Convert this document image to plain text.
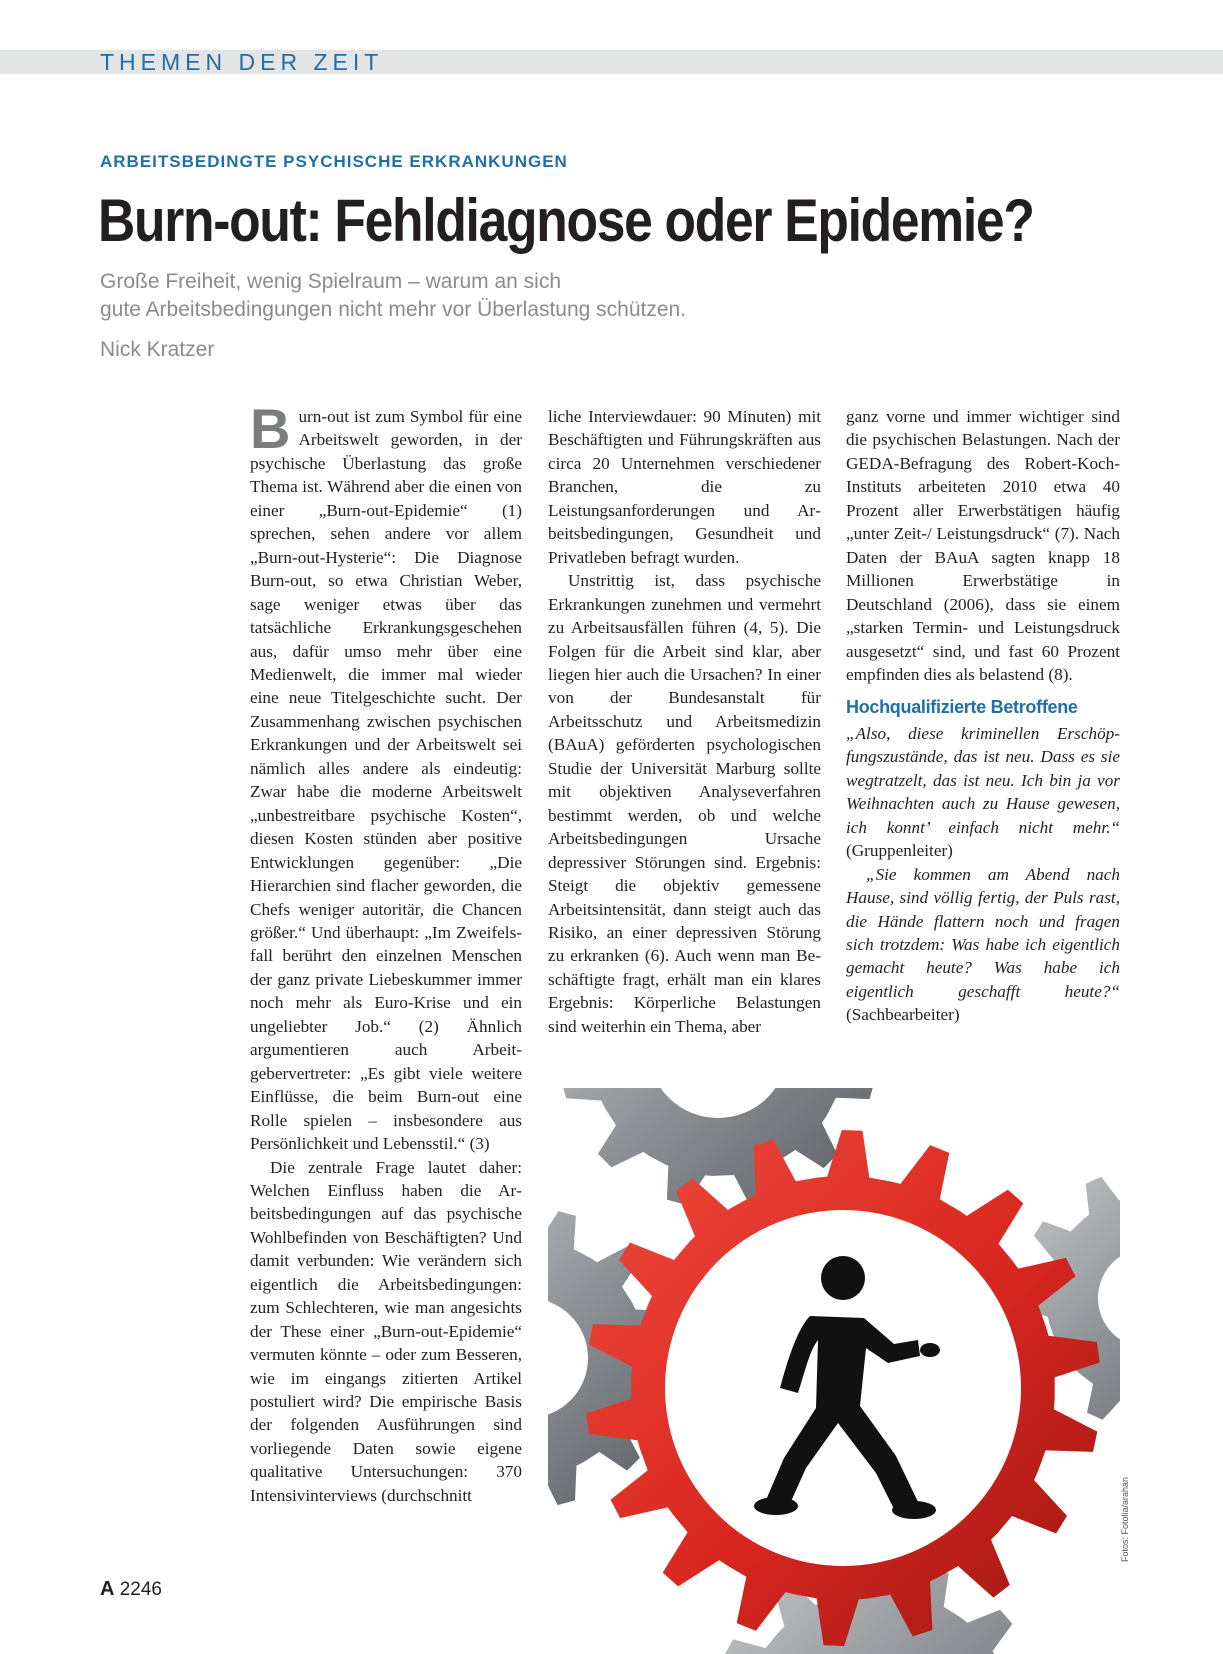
THEMEN DER ZEIT
ARBEITSBEDINGTE PSYCHISCHE ERKRANKUNGEN
Burn-out: Fehldiagnose oder Epidemie?
Große Freiheit, wenig Spielraum – warum an sich
gute Arbeitsbedingungen nicht mehr vor Überlastung schützen.
Nick Kratzer

Burn-out ist zum Symbol für eine Arbeitswelt geworden, in der psychische Überlastung das große Thema ist. Während aber die einen von einer „Burn-out-Epidemie“ (1) sprechen, sehen andere vor allem „Burn-out-Hysterie“: Die Diagnose Burn-out, so etwa Christian Weber, sage weniger etwas über das tatsächliche Erkrankungsgeschehen aus, dafür umso mehr über eine Medienwelt, die immer mal wieder eine neue Titelgeschichte sucht. Der Zusammenhang zwischen psychischen Erkrankungen und der Arbeitswelt sei nämlich alles andere als eindeutig: Zwar habe die moderne Arbeitswelt „unbestreitbare psychische Kosten“, diesen Kosten stünden aber positive Entwicklungen gegenüber: „Die Hierarchien sind flacher geworden, die Chefs weniger autoritär, die Chancen größer.“ Und überhaupt: „Im Zweifelsfall berührt den einzelnen Menschen der ganz private Liebeskummer immer noch mehr als Euro-Krise und ein ungeliebter Job.“ (2) Ähnlich argumentieren auch Arbeitgebervertreter: „Es gibt viele weitere Einflüsse, die beim Burn-out eine Rolle spielen – insbesondere aus Persönlichkeit und Lebensstil.“ (3)

Die zentrale Frage lautet daher: Welchen Einfluss haben die Arbeitsbedingungen auf das psychische Wohlbefinden von Beschäftigten? Und damit verbunden: Wie verändern sich eigentlich die Arbeitsbedingungen: zum Schlechteren, wie man angesichts der These einer „Burn-out-Epidemie“ vermuten könnte – oder zum Besseren, wie im eingangs zitierten Artikel postuliert wird? Die empirische Basis der folgenden Ausführungen sind vorliegende Daten sowie eigene qualitative Untersuchungen: 370 Intensivinterviews (durchschnitt

liche Interviewdauer: 90 Minuten) mit Beschäftigten und Führungskräften aus circa 20 Unternehmen verschiedener Branchen, die zu Leistungsanforderungen und Arbeitsbedingungen, Gesundheit und Privatleben befragt wurden.

Unstrittig ist, dass psychische Erkrankungen zunehmen und vermehrt zu Arbeitsausfällen führen (4, 5). Die Folgen für die Arbeit sind klar, aber liegen hier auch die Ursachen? In einer von der Bundesanstalt für Arbeitsschutz und Arbeitsmedizin (BAuA) geförderten psychologischen Studie der Universität Marburg sollte mit objektiven Analyseverfahren bestimmt werden, ob und welche Arbeitsbedingungen Ursache depressiver Störungen sind. Ergebnis: Steigt die objektiv gemessene Arbeitsintensität, dann steigt auch das Risiko, an einer depressiven Störung zu erkranken (6). Auch wenn man Beschäftigte fragt, erhält man ein klares Ergebnis: Körperliche Belastungen sind weiterhin ein Thema, aber

ganz vorne und immer wichtiger sind die psychischen Belastungen. Nach der GEDA-Befragung des Robert-Koch-Instituts arbeiteten 2010 etwa 40 Prozent aller Erwerbstätigen häufig „unter Zeit-/ Leistungsdruck“ (7). Nach Daten der BAuA sagten knapp 18 Millionen Erwerbstätige in Deutschland (2006), dass sie einem „starken Termin- und Leistungsdruck ausgesetzt“ sind, und fast 60 Prozent empfinden dies als belastend (8).

Hochqualifizierte Betroffene

„Also, diese kriminellen Erschöpfungszustände, das ist neu. Dass es sie wegtratzelt, das ist neu. Ich bin ja vor Weihnachten auch zu Hause gewesen, ich konnt’ einfach nicht mehr.“ (Gruppenleiter)

„Sie kommen am Abend nach Hause, sind völlig fertig, der Puls rast, die Hände flattern noch und fragen sich trotzdem: Was habe ich eigentlich gemacht heute? Was habe ich eigentlich geschafft heute?“ (Sachbearbeiter)

Fotos: Fotolia/arahan
A 2246
